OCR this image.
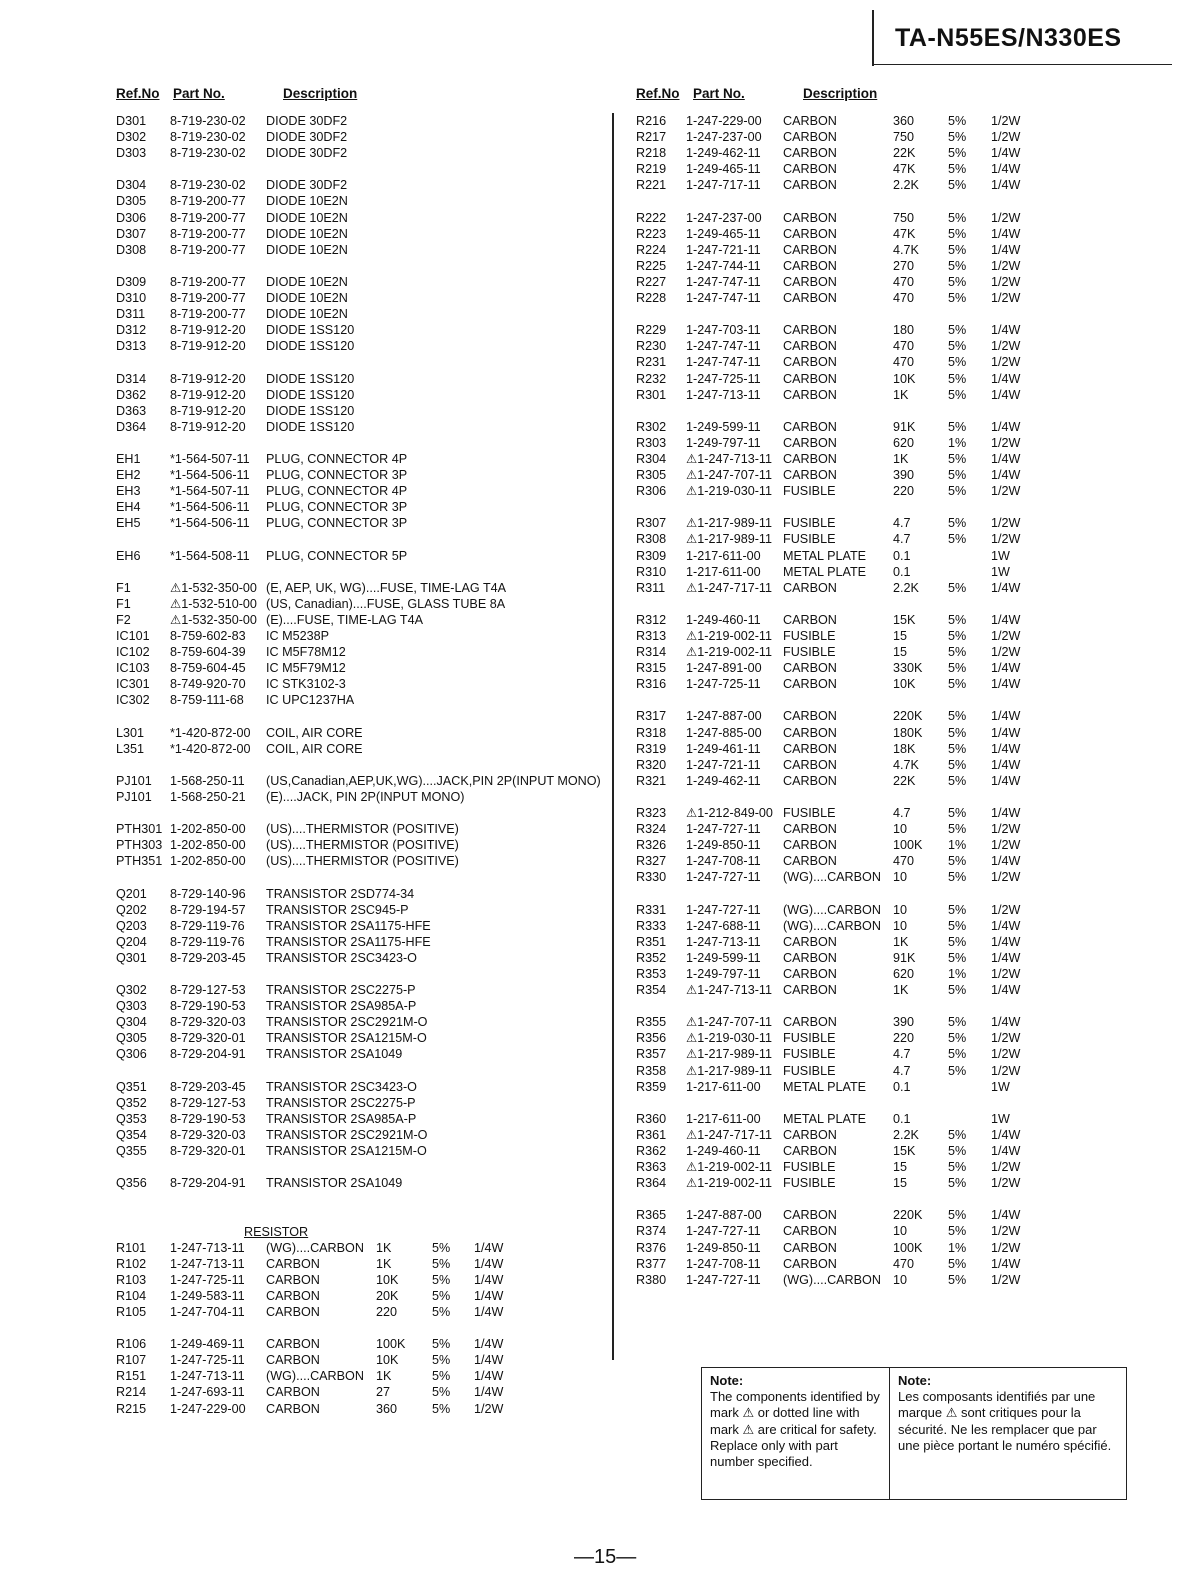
TA-N55ES/N330ES
Ref.No Part No.	Description	Ref.No Part No.	Description
RESISTOR
D301 8-719-230-02 DIODE 30DF2
D302 8-719-230-02 DIODE 30DF2
D303 8-719-230-02 DIODE 30DF2
D304 8-719-230-02 DIODE 30DF2
D305 8-719-200-77 DIODE 10E2N
D306 8-719-200-77 DIODE 10E2N
D307 8-719-200-77 DIODE 10E2N
D308 8-719-200-77 DIODE 10E2N
D309 8-719-200-77 DIODE 10E2N
D310 8-719-200-77 DIODE 10E2N
D311 8-719-200-77 DIODE 10E2N
D312 8-719-912-20 DIODE 1SS120
D313 8-719-912-20 DIODE 1SS120
D314 8-719-912-20 DIODE 1SS120
D362 8-719-912-20 DIODE 1SS120
D363 8-719-912-20 DIODE 1SS120
D364 8-719-912-20 DIODE 1SS120
EH1 *1-564-507-11 PLUG, CONNECTOR 4P
EH2 *1-564-506-11 PLUG, CONNECTOR 3P
EH3 *1-564-507-11 PLUG, CONNECTOR 4P
EH4 *1-564-506-11 PLUG, CONNECTOR 3P
EH5 *1-564-506-11 PLUG, CONNECTOR 3P
EH6 *1-564-508-11 PLUG, CONNECTOR 5P
F1	⚠1-532-350-00 (E, AEP, UK, WG)....FUSE, TIME-LAG T4A
F1	⚠1-532-510-00 (US, Canadian)....FUSE, GLASS TUBE 8A
F2	⚠1-532-350-00 (E)....FUSE, TIME-LAG T4A
IC101 8-759-602-83 IC M5238P
IC102 8-759-604-39 IC M5F78M12
IC103 8-759-604-45 IC M5F79M12
IC301 8-749-920-70 IC STK3102-3
IC302 8-759-111-68 IC UPC1237HA
L301 *1-420-872-00 COIL, AIR CORE
L351 *1-420-872-00 COIL, AIR CORE
PJ101 1-568-250-11 (US,Canadian,AEP,UK,WG)....JACK,PIN 2P(INPUT MONO)
PJ101 1-568-250-21 (E)....JACK, PIN 2P(INPUT MONO)
PTH301 1-202-850-00 (US)....THERMISTOR (POSITIVE)
PTH303 1-202-850-00 (US)....THERMISTOR (POSITIVE)
PTH351 1-202-850-00 (US)....THERMISTOR (POSITIVE)
Q201 8-729-140-96 TRANSISTOR 2SD774-34
Q202 8-729-194-57 TRANSISTOR 2SC945-P
Q203 8-729-119-76 TRANSISTOR 2SA1175-HFE
Q204 8-729-119-76 TRANSISTOR 2SA1175-HFE
Q301 8-729-203-45 TRANSISTOR 2SC3423-O
Q302 8-729-127-53 TRANSISTOR 2SC2275-P
Q303 8-729-190-53 TRANSISTOR 2SA985A-P
Q304 8-729-320-03 TRANSISTOR 2SC2921M-O
Q305 8-729-320-01 TRANSISTOR 2SA1215M-O
Q306 8-729-204-91 TRANSISTOR 2SA1049
Q351 8-729-203-45 TRANSISTOR 2SC3423-O
Q352 8-729-127-53 TRANSISTOR 2SC2275-P
Q353 8-729-190-53 TRANSISTOR 2SA985A-P
Q354 8-729-320-03 TRANSISTOR 2SC2921M-O
Q355 8-729-320-01 TRANSISTOR 2SA1215M-O
Q356 8-729-204-91 TRANSISTOR 2SA1049
R101 1-247-713-11 (WG)....CARBON 1K	5% 1/4W
R102 1-247-713-11 CARBON	1K	5% 1/4W
R103 1-247-725-11 CARBON	10K	5% 1/4W
R104 1-249-583-11 CARBON	20K	5% 1/4W
R105 1-247-704-11 CARBON	220	5% 1/4W
R106 1-249-469-11 CARBON	100K 5% 1/4W
R107 1-247-725-11 CARBON	10K	5% 1/4W
R151 1-247-713-11 (WG)....CARBON 1K	5% 1/4W
R214 1-247-693-11 CARBON	27	5% 1/4W
R215 1-247-229-00 CARBON	360	5% 1/2W
R216 1-247-229-00 CARBON	360	5% 1/2W
R217 1-247-237-00 CARBON	750	5% 1/2W
R218 1-249-462-11 CARBON	22K	5% 1/4W
R219 1-249-465-11 CARBON	47K	5% 1/4W
R221 1-247-717-11 CARBON	2.2K 5% 1/4W
R222 1-247-237-00 CARBON	750	5% 1/2W
R223 1-249-465-11 CARBON	47K	5% 1/4W
R224 1-247-721-11 CARBON	4.7K 5% 1/4W
R225 1-247-744-11 CARBON	270	5% 1/2W
R227 1-247-747-11 CARBON	470	5% 1/2W
R228 1-247-747-11 CARBON	470	5% 1/2W
R229 1-247-703-11 CARBON	180	5% 1/4W
R230 1-247-747-11 CARBON	470	5% 1/2W
R231 1-247-747-11 CARBON	470	5% 1/2W
R232 1-247-725-11 CARBON	10K	5% 1/4W
R301 1-247-713-11 CARBON	1K	5% 1/4W
R302 1-249-599-11 CARBON	91K	5% 1/4W
R303 1-249-797-11 CARBON	620	1% 1/2W
R304 ⚠1-247-713-11 CARBON	1K	5% 1/4W
R305 ⚠1-247-707-11 CARBON	390	5% 1/4W
R306 ⚠1-219-030-11 FUSIBLE	220	5% 1/2W
R307 ⚠1-217-989-11 FUSIBLE	4.7	5% 1/2W
R308 ⚠1-217-989-11 FUSIBLE	4.7	5% 1/2W
R309 1-217-611-00 METAL PLATE 0.1	1W
R310 1-217-611-00 METAL PLATE 0.1	1W
R311 ⚠1-247-717-11 CARBON	2.2K 5% 1/4W
R312 1-249-460-11 CARBON	15K	5% 1/4W
R313 ⚠1-219-002-11 FUSIBLE	15	5% 1/2W
R314 ⚠1-219-002-11 FUSIBLE	15	5% 1/2W
R315 1-247-891-00 CARBON	330K 5% 1/4W
R316 1-247-725-11 CARBON	10K	5% 1/4W
R317 1-247-887-00 CARBON	220K 5% 1/4W
R318 1-247-885-00 CARBON	180K 5% 1/4W
R319 1-249-461-11 CARBON	18K	5% 1/4W
R320 1-247-721-11 CARBON	4.7K 5% 1/4W
R321 1-249-462-11 CARBON	22K	5% 1/4W
R323 ⚠1-212-849-00 FUSIBLE	4.7	5% 1/4W
R324 1-247-727-11 CARBON	10	5% 1/2W
R326 1-249-850-11 CARBON	100K 1% 1/2W
R327 1-247-708-11 CARBON	470	5% 1/4W
R330 1-247-727-11 (WG)....CARBON 10	5% 1/2W
R331 1-247-727-11 (WG)....CARBON 10	5% 1/2W
R333 1-247-688-11 (WG)....CARBON 10	5% 1/4W
R351 1-247-713-11 CARBON	1K	5% 1/4W
R352 1-249-599-11 CARBON	91K	5% 1/4W
R353 1-249-797-11 CARBON	620	1% 1/2W
R354 ⚠1-247-713-11 CARBON	1K	5% 1/4W
R355 ⚠1-247-707-11 CARBON	390	5% 1/4W
R356 ⚠1-219-030-11 FUSIBLE	220	5% 1/2W
R357 ⚠1-217-989-11 FUSIBLE	4.7	5% 1/2W
R358 ⚠1-217-989-11 FUSIBLE	4.7	5% 1/2W
R359 1-217-611-00 METAL PLATE 0.1	1W
R360 1-217-611-00 METAL PLATE 0.1	1W
R361 ⚠1-247-717-11 CARBON	2.2K 5% 1/4W
R362 1-249-460-11 CARBON	15K	5% 1/4W
R363 ⚠1-219-002-11 FUSIBLE	15	5% 1/2W
R364 ⚠1-219-002-11 FUSIBLE	15	5% 1/2W
R365 1-247-887-00 CARBON	220K 5% 1/4W
R374 1-247-727-11 CARBON	10	5% 1/2W
R376 1-249-850-11 CARBON	100K 1% 1/2W
R377 1-247-708-11 CARBON	470	5% 1/4W
R380 1-247-727-11 (WG)....CARBON 10	5% 1/2W
Note:
The components identified by mark ⚠ or dotted line with mark ⚠ are critical for safety. Replace only with part number specified.
Note:
Les composants identifiés par une marque ⚠ sont critiques pour la sécurité. Ne les remplacer que par une pièce portant le numéro spécifié.
—15—
